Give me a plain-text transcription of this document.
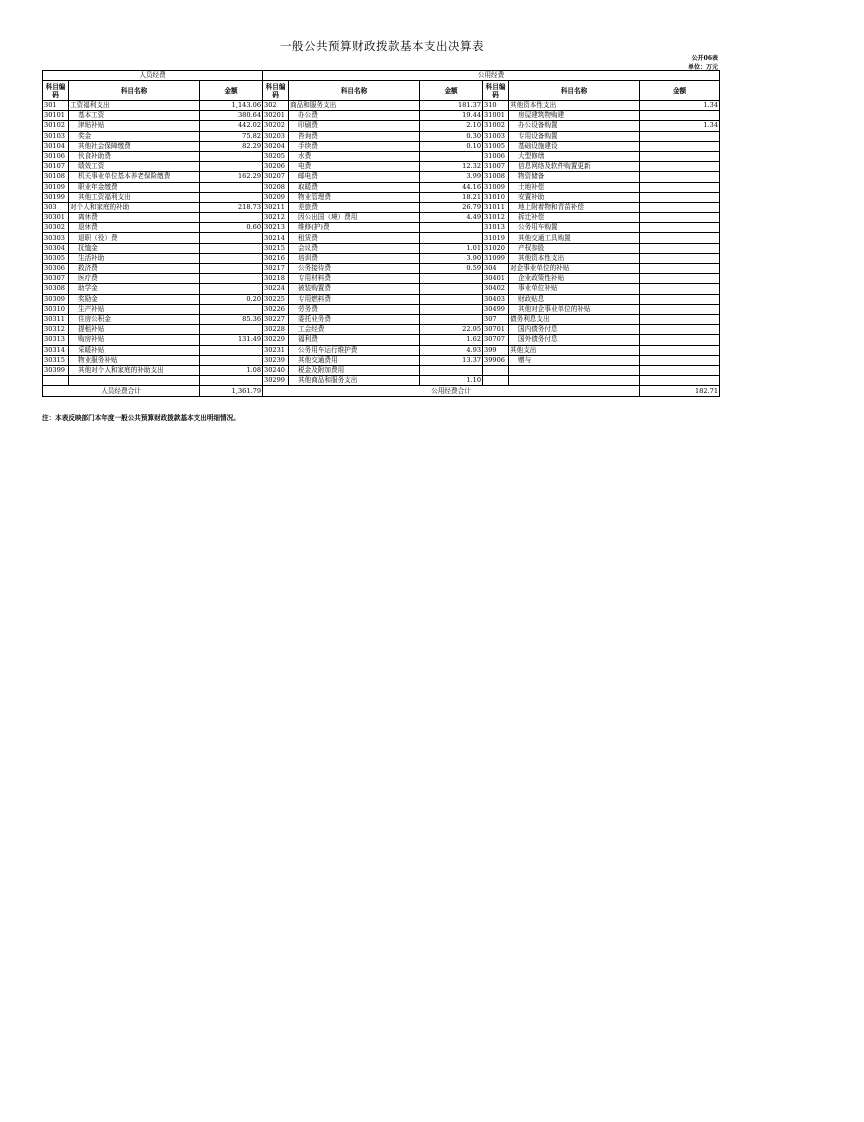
一般公共预算财政拨款基本支出决算表
公开06表
单位：万元
人员经费			公用经费					
科目编码	科目名称	金额	科目编码	科目名称	金额	科目编码	科目名称	金额
301	工资福利支出	1,143.06	302	商品和服务支出	181.37	310	其他资本性支出	1.34
30101	基本工资	380.64	30201	办公费	19.44	31001	房屋建筑物购建	
30102	津贴补贴	442.02	30202	印刷费	2.10	31002	办公设备购置	1.34
30103	奖金	75.82	30203	咨询费	0.30	31003	专用设备购置	
30104	其他社会保障缴费	82.29	30204	手续费	0.10	31005	基础设施建设	
30106	伙食补助费		30205	水费		31006	大型修缮	
30107	绩效工资		30206	电费	12.32	31007	信息网络及软件购置更新	
30108	机关事业单位基本养老保险缴费	162.29	30207	邮电费	3.99	31008	物资储备	
30109	职业年金缴费		30208	取暖费	44.16	31009	土地补偿	
30199	其他工资福利支出		30209	物业管理费	18.21	31010	安置补助	
303	对个人和家庭的补助	218.73	30211	差旅费	26.79	31011	地上附着物和青苗补偿	
30301	离休费		30212	因公出国（境）费用	4.49	31012	拆迁补偿	
30302	退休费	0.60	30213	维修(护)费		31013	公务用车购置	
30303	退职（役）费		30214	租赁费		31019	其他交通工具购置	
30304	抚恤金		30215	会议费	1.01	31020	产权参股	
30305	生活补助		30216	培训费	3.90	31099	其他资本性支出	
30306	救济费		30217	公务接待费	0.59	304	对企事业单位的补贴	
30307	医疗费		30218	专用材料费		30401	企业政策性补贴	
30308	助学金		30224	被装购置费		30402	事业单位补贴	
30309	奖励金	0.20	30225	专用燃料费		30403	财政贴息	
30310	生产补贴		30226	劳务费		30499	其他对企事业单位的补贴	
30311	住房公积金	85.36	30227	委托业务费		307	债务利息支出	
30312	提租补贴		30228	工会经费	22.95	30701	国内债务付息	
30313	购房补贴	131.49	30229	福利费	1.62	30707	国外债务付息	
30314	采暖补贴		30231	公务用车运行维护费	4.93	399	其他支出	
30315	物业服务补贴		30239	其他交通费用	13.37	39906	赠与	
30399	其他对个人和家庭的补助支出	1.08	30240	税金及附加费用				
			30299	其他商品和服务支出	1.10			
人员经费合计		1,361.79	公用经费合计					182.71
注：本表反映部门本年度一般公共预算财政拨款基本支出明细情况。
